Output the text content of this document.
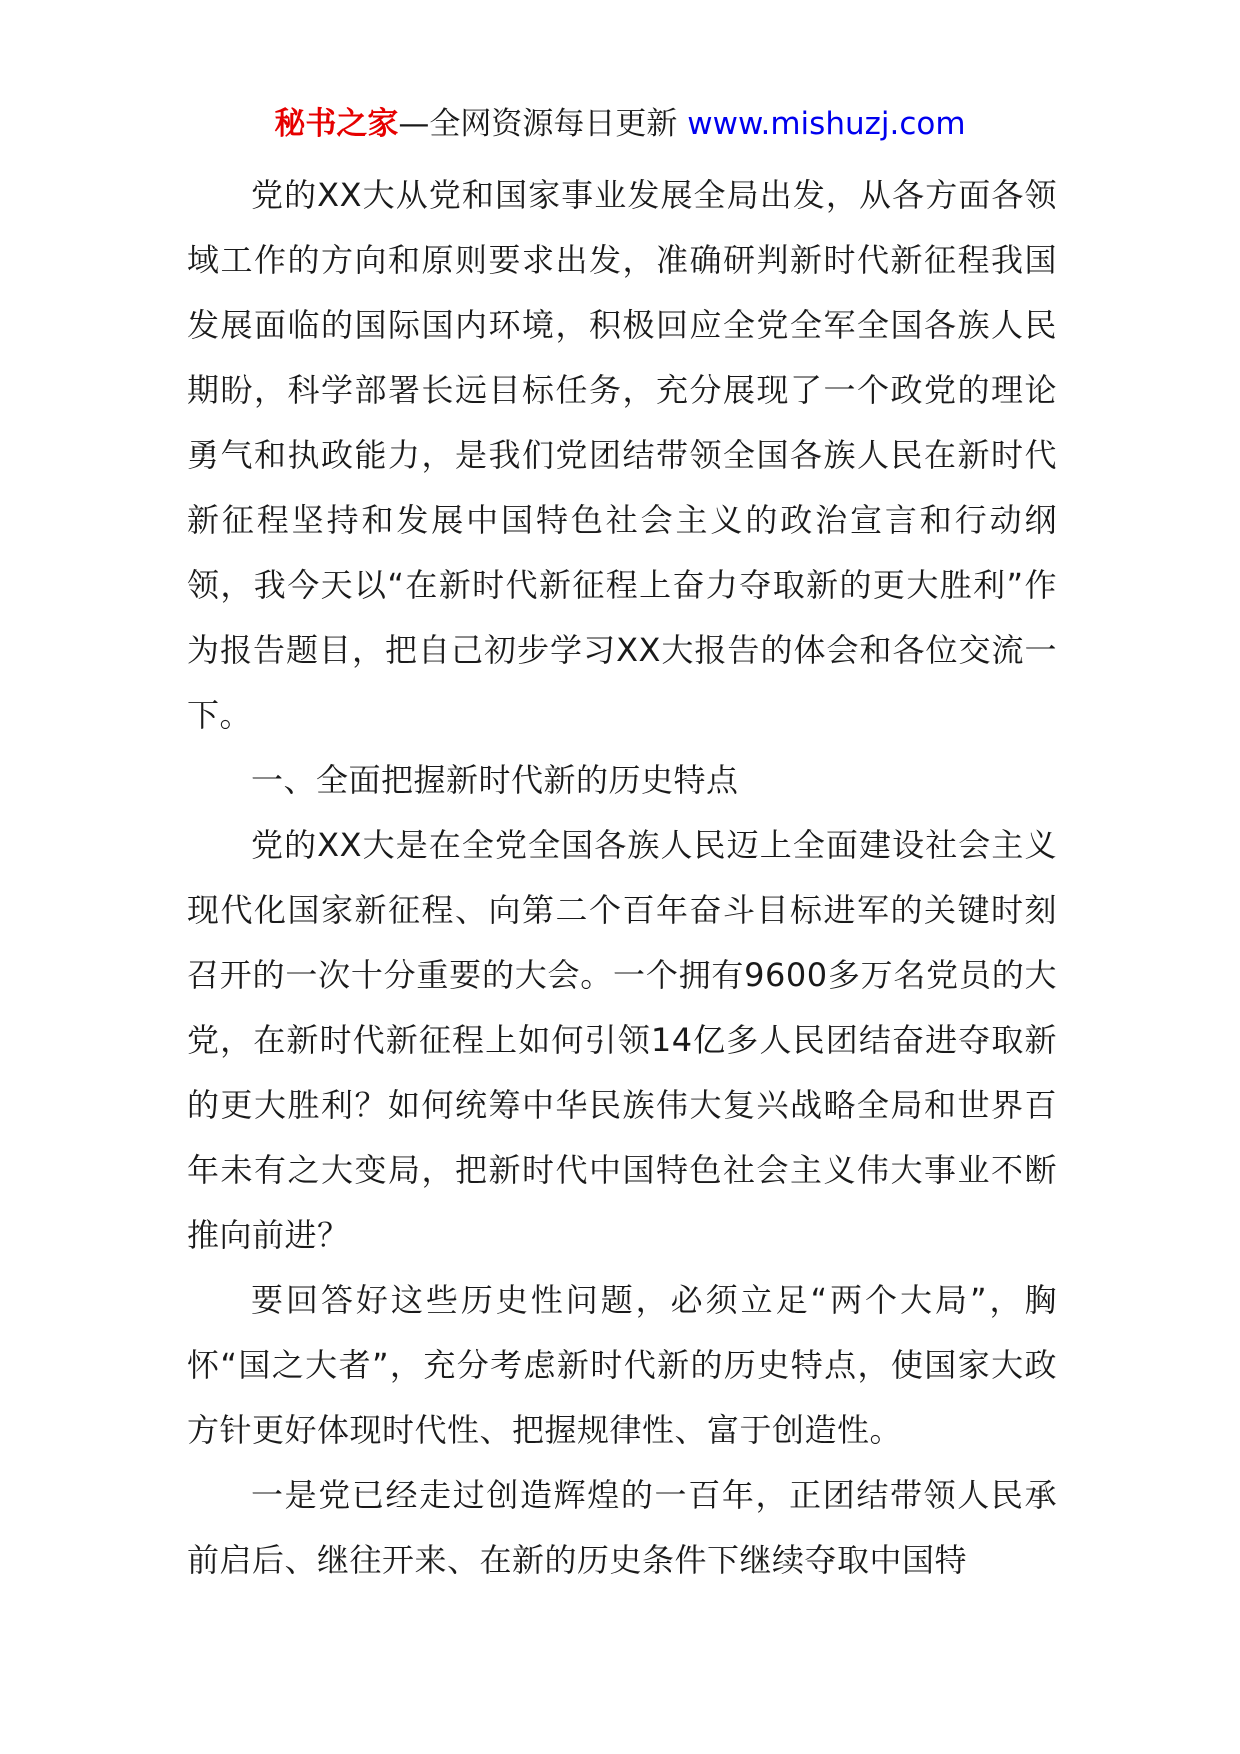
秘书之家—全网资源每日更新 www.mishuzj.com

党的XX大从党和国家事业发展全局出发，从各方面各领域工作的方向和原则要求出发，准确研判新时代新征程我国发展面临的国际国内环境，积极回应全党全军全国各族人民期盼，科学部署长远目标任务，充分展现了一个政党的理论勇气和执政能力，是我们党团结带领全国各族人民在新时代新征程坚持和发展中国特色社会主义的政治宣言和行动纲领，我今天以“在新时代新征程上奋力夺取新的更大胜利”作为报告题目，把自己初步学习XX大报告的体会和各位交流一下。

一、全面把握新时代新的历史特点

党的XX大是在全党全国各族人民迈上全面建设社会主义现代化国家新征程、向第二个百年奋斗目标进军的关键时刻召开的一次十分重要的大会。一个拥有9600多万名党员的大党，在新时代新征程上如何引领14亿多人民团结奋进夺取新的更大胜利？如何统筹中华民族伟大复兴战略全局和世界百年未有之大变局，把新时代中国特色社会主义伟大事业不断推向前进？

要回答好这些历史性问题，必须立足“两个大局”，胸怀“国之大者”，充分考虑新时代新的历史特点，使国家大政方针更好体现时代性、把握规律性、富于创造性。

一是党已经走过创造辉煌的一百年，正团结带领人民承前启后、继往开来、在新的历史条件下继续夺取中国特
